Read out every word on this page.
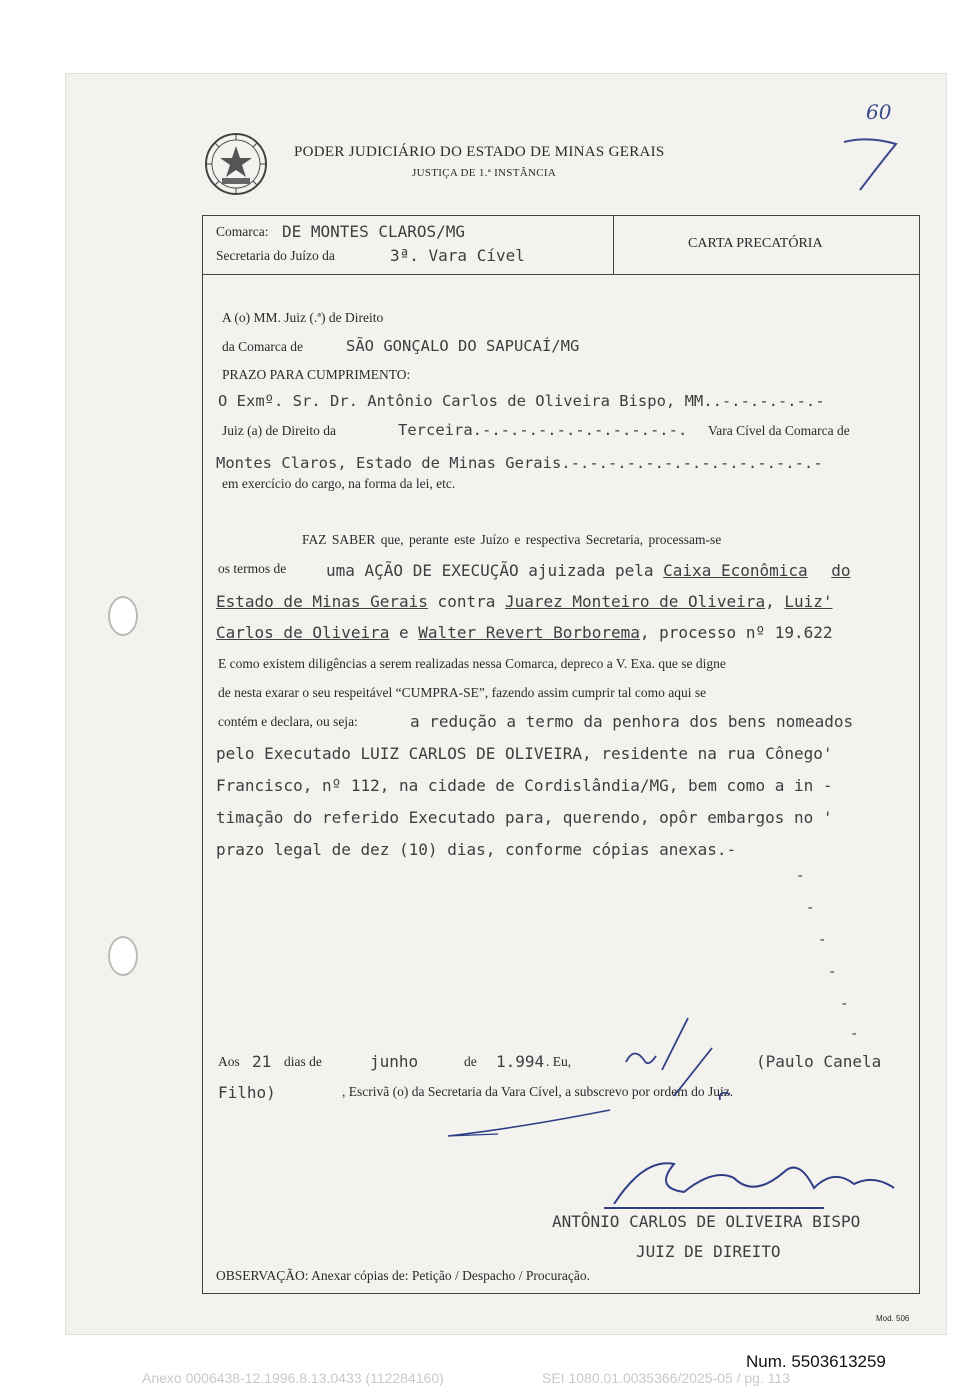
PODER JUDICIÁRIO DO ESTADO DE MINAS GERAIS
JUSTIÇA DE 1.ª INSTÂNCIA
60
Comarca: DE MONTES CLAROS/MG
Secretaria do Juízo da	3ª. Vara Cível
CARTA PRECATÓRIA
A (o) MM. Juiz (.ª) de Direito
da Comarca de	SÃO GONÇALO DO SAPUCAÍ/MG
PRAZO PARA CUMPRIMENTO:
O Exmº. Sr. Dr. Antônio Carlos de Oliveira Bispo, MM..-.-.-.-.-.-
Juiz (a) de Direito da	Terceira.-.-.-.-.-.-.-.-.-.-.-. Vara Cível da Comarca de
Montes Claros, Estado de Minas Gerais.-.-.-.-.-.-.-.-.-.-.-.-.-.-
em exercício do cargo, na forma da lei, etc.
FAZ SABER que, perante este Juízo e respectiva Secretaria, processam-se
os termos de uma AÇÃO DE EXECUÇÃO ajuizada pela Caixa Econômica do
Estado de Minas Gerais contra Juarez Monteiro de Oliveira, Luiz'
Carlos de Oliveira e Walter Revert Borborema, processo nº 19.622
E como existem diligências a serem realizadas nessa Comarca, depreco a V. Exa. que se digne
de nesta exarar o seu respeitável “CUMPRA-SE”, fazendo assim cumprir tal como aqui se
contém e declara, ou seja:	a redução a termo da penhora dos bens nomeados
pelo Executado LUIZ CARLOS DE OLIVEIRA, residente na rua Cônego'
Francisco, nº 112, na cidade de Cordislândia/MG, bem como a in -
timação do referido Executado para, querendo, opôr embargos no '
prazo legal de dez (10) dias, conforme cópias anexas.-
-
-
-
-
-
-
Aos 21 dias de	junho	de 1.994 . Eu,	(Paulo Canela
Filho)	, Escrivã (o) da Secretaria da Vara Cível, a subscrevo por ordem do Juiz.
ANTÔNIO CARLOS DE OLIVEIRA BISPO
JUIZ DE DIREITO
OBSERVAÇÃO: Anexar cópias de: Petição / Despacho / Procuração.
Mod. 506
Num. 5503613259
Anexo 0006438-12.1996.8.13.0433 (112284160)	SEI 1080.01.0035366/2025-05 / pg. 113
